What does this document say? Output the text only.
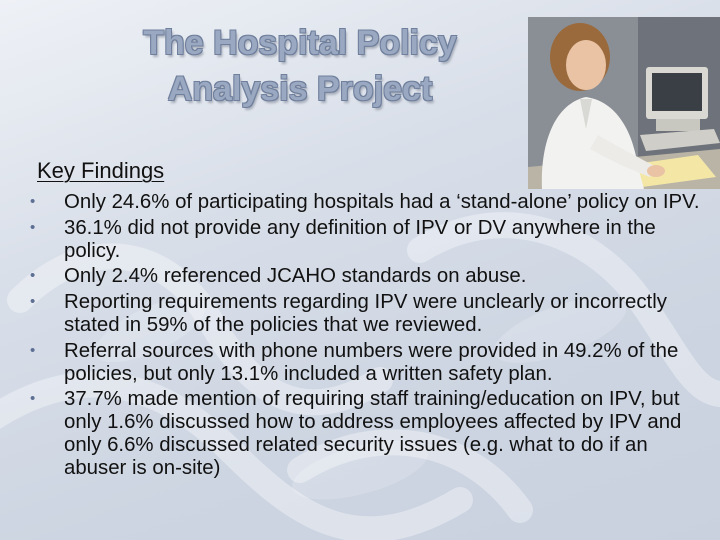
The Hospital Policy
Analysis Project

Key Findings

• Only 24.6% of participating hospitals had a ‘stand-alone’ policy on IPV.
• 36.1% did not provide any definition of IPV or DV anywhere in the policy.
• Only 2.4% referenced JCAHO standards on abuse.
• Reporting requirements regarding IPV were unclearly or incorrectly stated in 59% of the policies that we reviewed.
• Referral sources with phone numbers were provided in 49.2% of the policies, but only 13.1% included a written safety plan.
• 37.7% made mention of requiring staff training/education on IPV, but only 1.6% discussed how to address employees affected by IPV and only 6.6% discussed related security issues (e.g. what to do if an abuser is on-site)
